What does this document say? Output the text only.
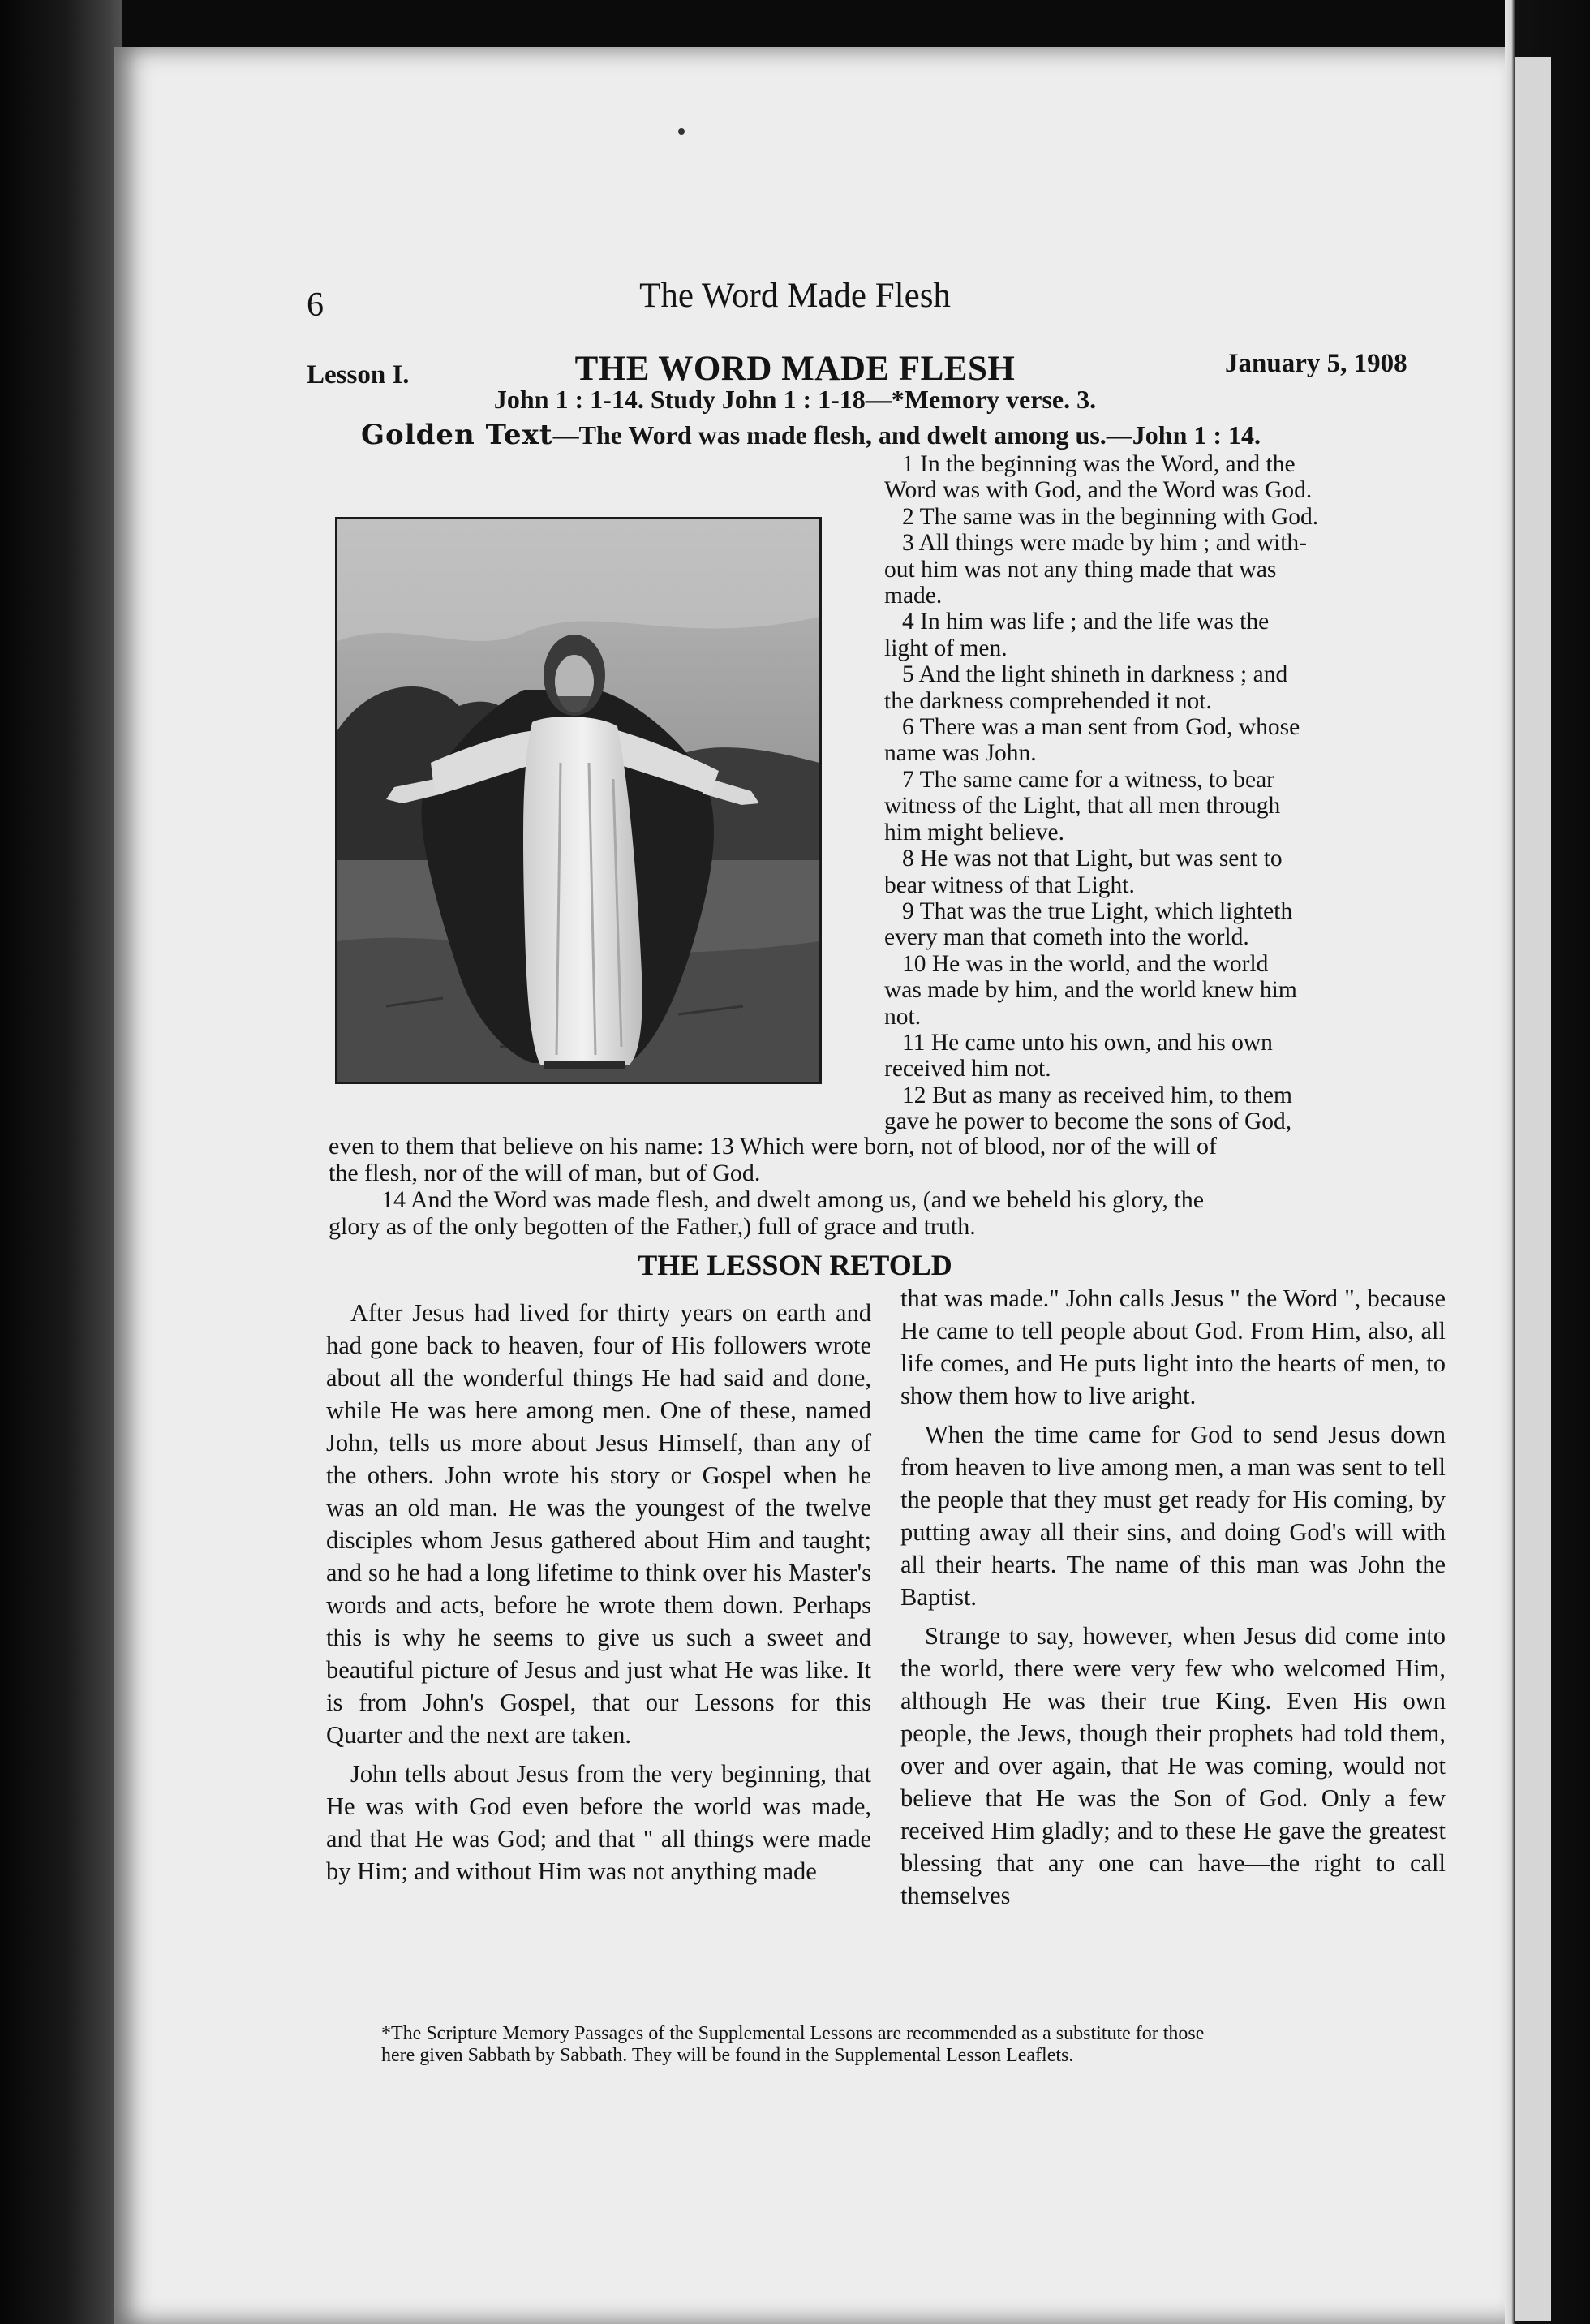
6	The Word Made Flesh
Lesson I.	THE WORD MADE FLESH	January 5, 1908
John 1 : 1-14. Study John 1 : 1-18—*Memory verse. 3.
Golden Text—The Word was made flesh, and dwelt among us.—John 1 : 14.
1 In the beginning was the Word, and the
Word was with God, and the Word was God.
2 The same was in the beginning with God.
3 All things were made by him ; and with-
out him was not any thing made that was
made.
4 In him was life ; and the life was the
light of men.
5 And the light shineth in darkness ; and
the darkness comprehended it not.
6 There was a man sent from God, whose
name was John.
7 The same came for a witness, to bear
witness of the Light, that all men through
him might believe.
8 He was not that Light, but was sent to
bear witness of that Light.
9 That was the true Light, which lighteth
every man that cometh into the world.
10 He was in the world, and the world
was made by him, and the world knew him
not.
11 He came unto his own, and his own
received him not.
12 But as many as received him, to them
gave he power to become the sons of God,
even to them that believe on his name: 13 Which were born, not of blood, nor of the will of
the flesh, nor of the will of man, but of God.
14 And the Word was made flesh, and dwelt among us, (and we beheld his glory, the
glory as of the only begotten of the Father,) full of grace and truth.
THE LESSON RETOLD

After Jesus had lived for thirty years on earth and had gone back to heaven, four of His followers wrote about all the wonderful things He had said and done, while He was here among men. One of these, named John, tells us more about Jesus Himself, than any of the others. John wrote his story or Gospel when he was an old man. He was the youngest of the twelve disciples whom Jesus gathered about Him and taught; and so he had a long lifetime to think over his Master's words and acts, before he wrote them down. Perhaps this is why he seems to give us such a sweet and beautiful picture of Jesus and just what He was like. It is from John's Gospel, that our Lessons for this Quarter and the next are taken.

John tells about Jesus from the very beginning, that He was with God even before the world was made, and that He was God; and that " all things were made by Him; and without Him was not anything made

that was made." John calls Jesus " the Word ", because He came to tell people about God. From Him, also, all life comes, and He puts light into the hearts of men, to show them how to live aright.

When the time came for God to send Jesus down from heaven to live among men, a man was sent to tell the people that they must get ready for His coming, by putting away all their sins, and doing God's will with all their hearts. The name of this man was John the Baptist.

Strange to say, however, when Jesus did come into the world, there were very few who welcomed Him, although He was their true King. Even His own people, the Jews, though their prophets had told them, over and over again, that He was coming, would not believe that He was the Son of God. Only a few received Him gladly; and to these He gave the greatest blessing that any one can have—the right to call themselves

*The Scripture Memory Passages of the Supplemental Lessons are recommended as a substitute for those
here given Sabbath by Sabbath. They will be found in the Supplemental Lesson Leaflets.
